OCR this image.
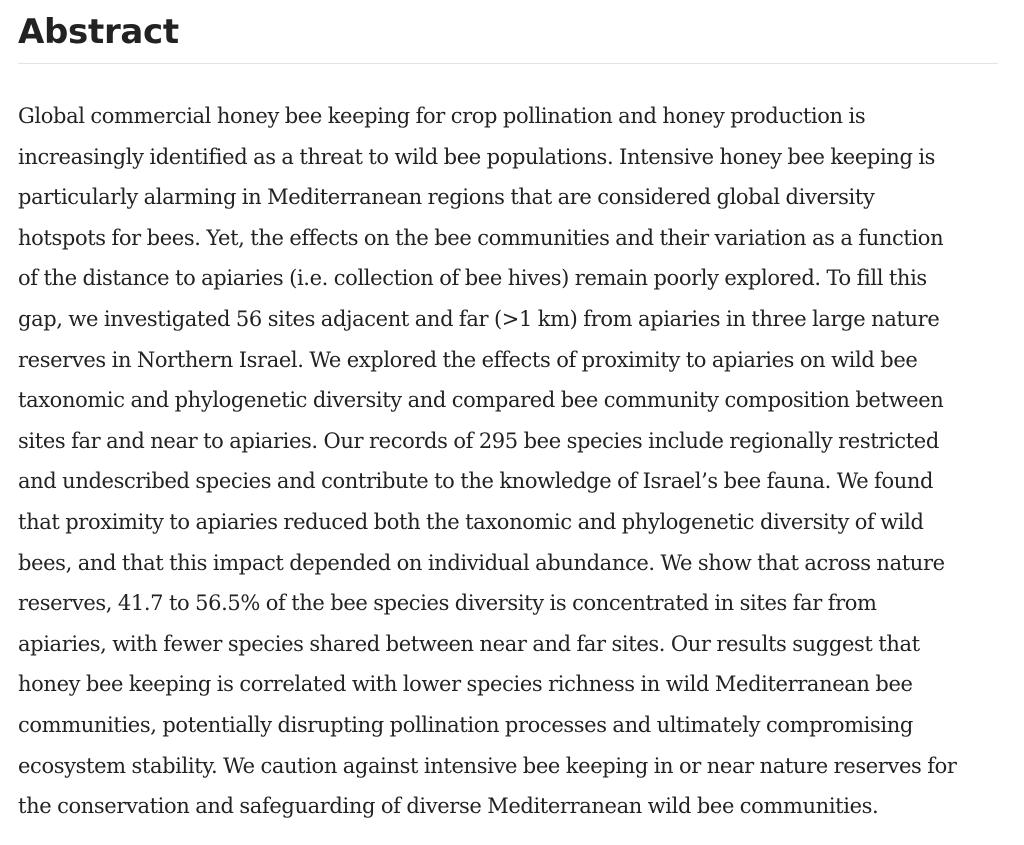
Abstract

Global commercial honey bee keeping for crop pollination and honey production is
increasingly identified as a threat to wild bee populations. Intensive honey bee keeping is
particularly alarming in Mediterranean regions that are considered global diversity
hotspots for bees. Yet, the effects on the bee communities and their variation as a function
of the distance to apiaries (i.e. collection of bee hives) remain poorly explored. To fill this
gap, we investigated 56 sites adjacent and far (>1 km) from apiaries in three large nature
reserves in Northern Israel. We explored the effects of proximity to apiaries on wild bee
taxonomic and phylogenetic diversity and compared bee community composition between
sites far and near to apiaries. Our records of 295 bee species include regionally restricted
and undescribed species and contribute to the knowledge of Israel’s bee fauna. We found
that proximity to apiaries reduced both the taxonomic and phylogenetic diversity of wild
bees, and that this impact depended on individual abundance. We show that across nature
reserves, 41.7 to 56.5% of the bee species diversity is concentrated in sites far from
apiaries, with fewer species shared between near and far sites. Our results suggest that
honey bee keeping is correlated with lower species richness in wild Mediterranean bee
communities, potentially disrupting pollination processes and ultimately compromising
ecosystem stability. We caution against intensive bee keeping in or near nature reserves for
the conservation and safeguarding of diverse Mediterranean wild bee communities.
